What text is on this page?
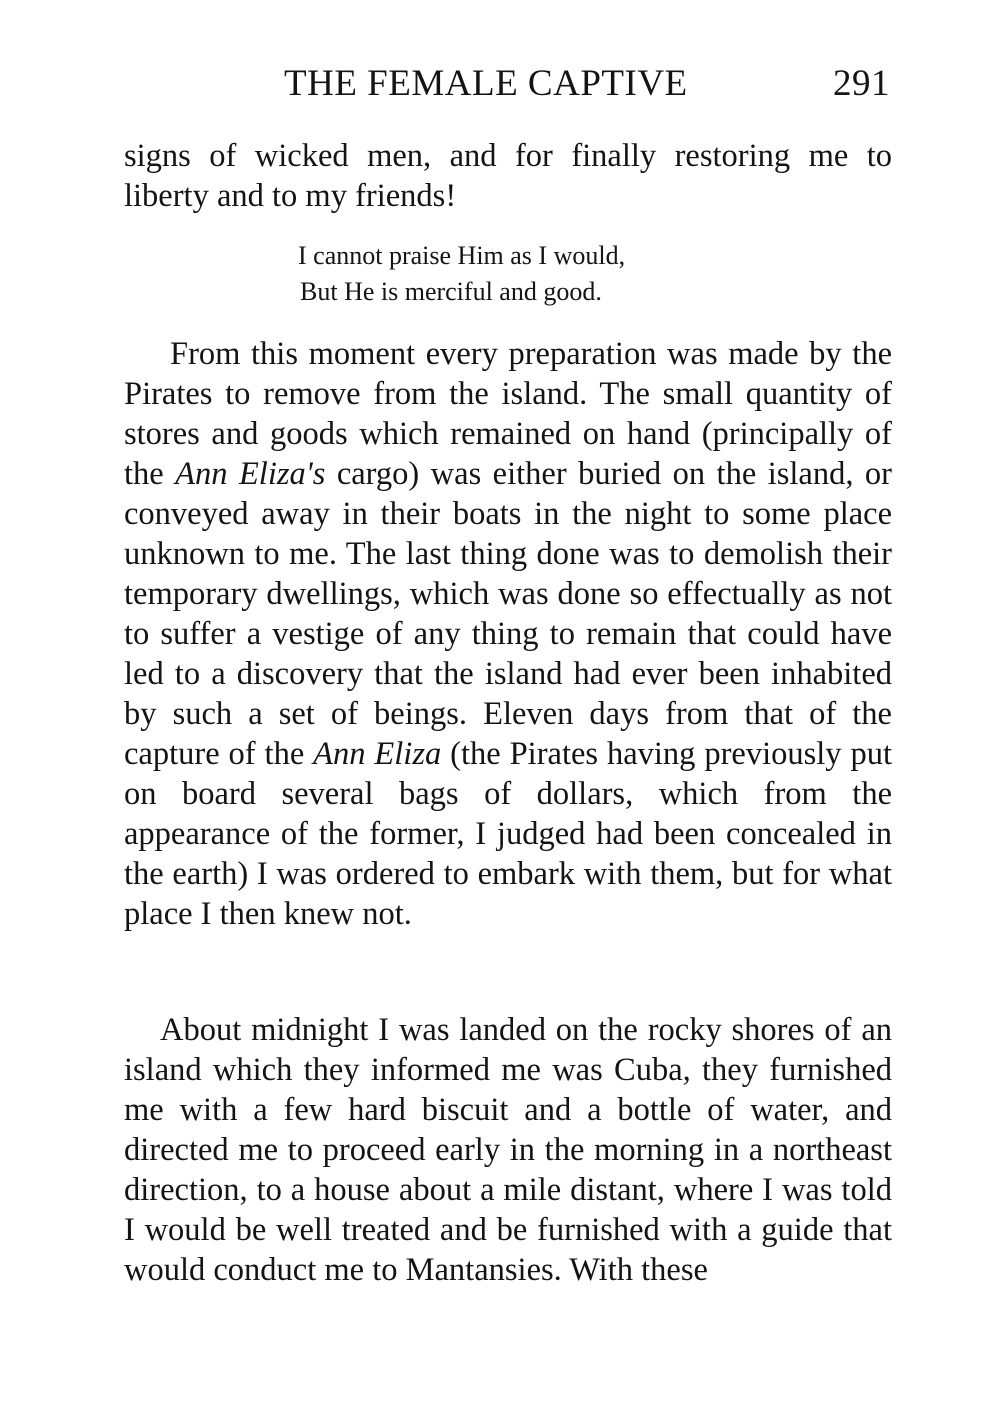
THE FEMALE CAPTIVE	291

signs of wicked men, and for finally restoring me to liberty and to my friends!

I cannot praise Him as I would,
But He is merciful and good.

From this moment every preparation was made by the Pirates to remove from the island. The small quantity of stores and goods which remained on hand (principally of the Ann Eliza's cargo) was either buried on the island, or conveyed away in their boats in the night to some place unknown to me. The last thing done was to demolish their temporary dwellings, which was done so effectually as not to suffer a vestige of any thing to remain that could have led to a discovery that the island had ever been inhabited by such a set of beings. Eleven days from that of the capture of the Ann Eliza (the Pirates having previously put on board several bags of dollars, which from the appearance of the former, I judged had been concealed in the earth) I was ordered to embark with them, but for what place I then knew not.

About midnight I was landed on the rocky shores of an island which they informed me was Cuba, they furnished me with a few hard biscuit and a bottle of water, and directed me to proceed early in the morning in a northeast direction, to a house about a mile distant, where I was told I would be well treated and be furnished with a guide that would conduct me to Mantansies. With these
